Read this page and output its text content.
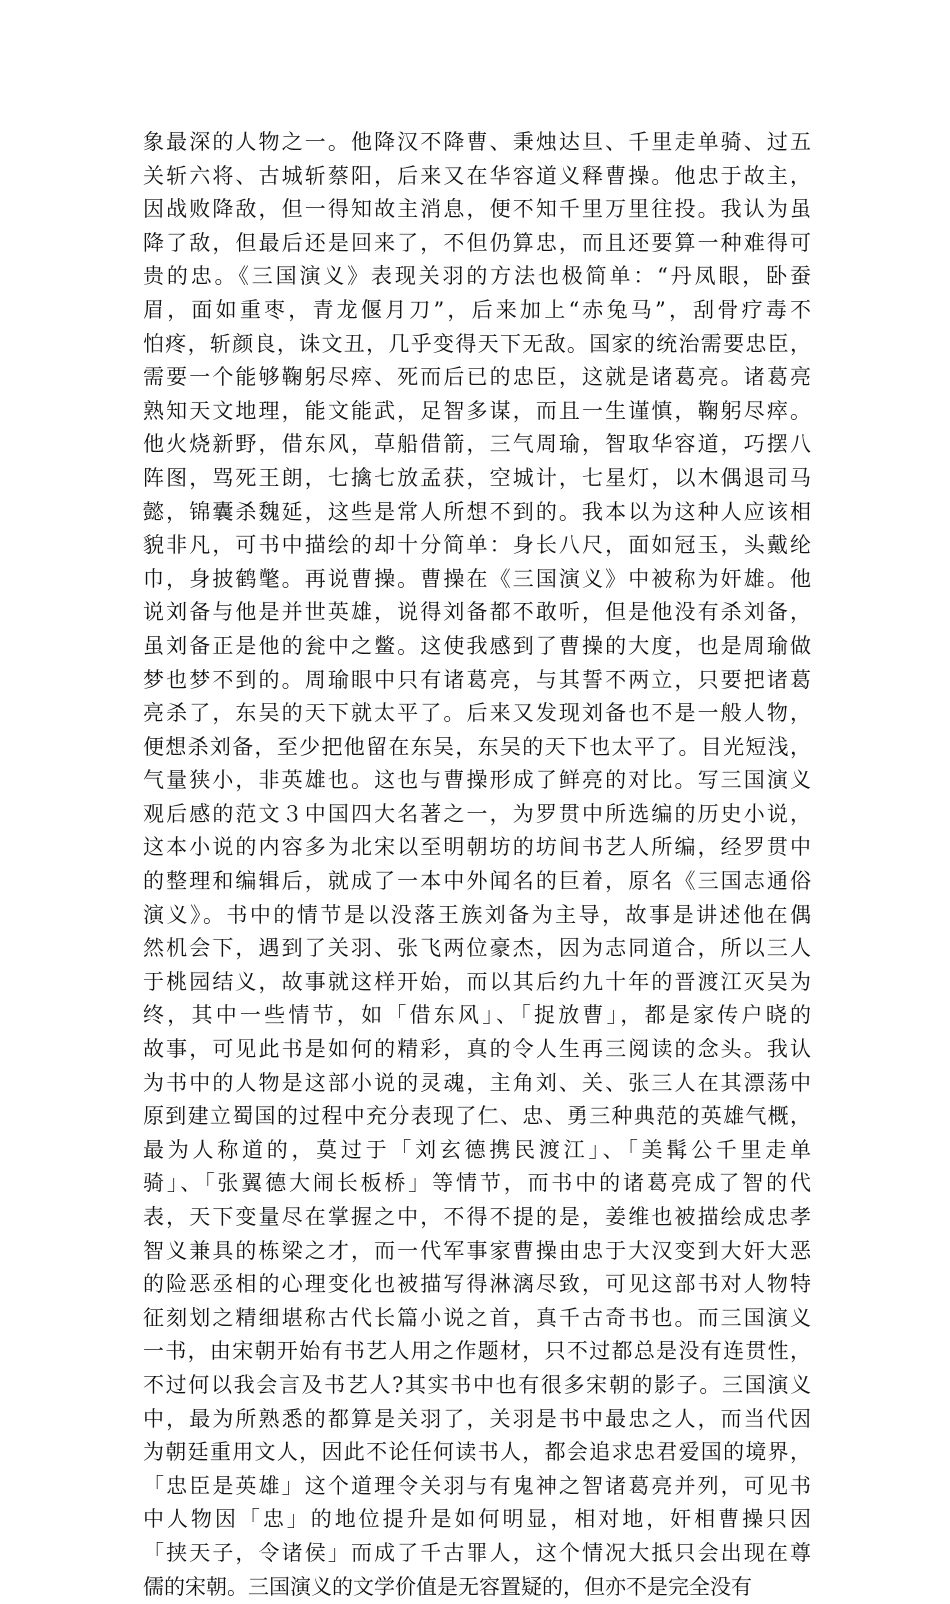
象最深的人物之一。他降汉不降曹、秉烛达旦、千里走单骑、过五
关斩六将、古城斩蔡阳，后来又在华容道义释曹操。他忠于故主，
因战败降敌，但一得知故主消息，便不知千里万里往投。我认为虽
降了敌，但最后还是回来了，不但仍算忠，而且还要算一种难得可
贵的忠。《三国演义》表现关羽的方法也极简单：“丹凤眼，卧蚕
眉，面如重枣，青龙偃月刀”，后来加上“赤兔马”，刮骨疗毒不
怕疼，斩颜良，诛文丑，几乎变得天下无敌。国家的统治需要忠臣，
需要一个能够鞠躬尽瘁、死而后已的忠臣，这就是诸葛亮。诸葛亮
熟知天文地理，能文能武，足智多谋，而且一生谨慎，鞠躬尽瘁。
他火烧新野，借东风，草船借箭，三气周瑜，智取华容道，巧摆八
阵图，骂死王朗，七擒七放孟获，空城计，七星灯，以木偶退司马
懿，锦囊杀魏延，这些是常人所想不到的。我本以为这种人应该相
貌非凡，可书中描绘的却十分简单：身长八尺，面如冠玉，头戴纶
巾，身披鹤氅。再说曹操。曹操在《三国演义》中被称为奸雄。他
说刘备与他是并世英雄，说得刘备都不敢听，但是他没有杀刘备，
虽刘备正是他的瓮中之鳖。这使我感到了曹操的大度，也是周瑜做
梦也梦不到的。周瑜眼中只有诸葛亮，与其誓不两立，只要把诸葛
亮杀了，东吴的天下就太平了。后来又发现刘备也不是一般人物，
便想杀刘备，至少把他留在东吴，东吴的天下也太平了。目光短浅，
气量狭小，非英雄也。这也与曹操形成了鲜亮的对比。写三国演义
观后感的范文３中国四大名著之一，为罗贯中所选编的历史小说，
这本小说的内容多为北宋以至明朝坊的坊间书艺人所编，经罗贯中
的整理和编辑后，就成了一本中外闻名的巨着，原名《三国志通俗
演义》。书中的情节是以没落王族刘备为主导，故事是讲述他在偶
然机会下，遇到了关羽、张飞两位豪杰，因为志同道合，所以三人
于桃园结义，故事就这样开始，而以其后约九十年的晋渡江灭吴为
终，其中一些情节，如「借东风」、「捉放曹」，都是家传户晓的
故事，可见此书是如何的精彩，真的令人生再三阅读的念头。我认
为书中的人物是这部小说的灵魂，主角刘、关、张三人在其漂荡中
原到建立蜀国的过程中充分表现了仁、忠、勇三种典范的英雄气概，
最为人称道的，莫过于「刘玄德携民渡江」、「美髯公千里走单
骑」、「张翼德大闹长板桥」等情节，而书中的诸葛亮成了智的代
表，天下变量尽在掌握之中，不得不提的是，姜维也被描绘成忠孝
智义兼具的栋梁之才，而一代军事家曹操由忠于大汉变到大奸大恶
的险恶丞相的心理变化也被描写得淋漓尽致，可见这部书对人物特
征刻划之精细堪称古代长篇小说之首，真千古奇书也。而三国演义
一书，由宋朝开始有书艺人用之作题材，只不过都总是没有连贯性，
不过何以我会言及书艺人?其实书中也有很多宋朝的影子。三国演义
中，最为所熟悉的都算是关羽了，关羽是书中最忠之人，而当代因
为朝廷重用文人，因此不论任何读书人，都会追求忠君爱国的境界，
「忠臣是英雄」这个道理令关羽与有鬼神之智诸葛亮并列，可见书
中人物因「忠」的地位提升是如何明显，相对地，奸相曹操只因
「挟天子，令诸侯」而成了千古罪人，这个情况大抵只会出现在尊
儒的宋朝。三国演义的文学价值是无容置疑的，但亦不是完全没有
